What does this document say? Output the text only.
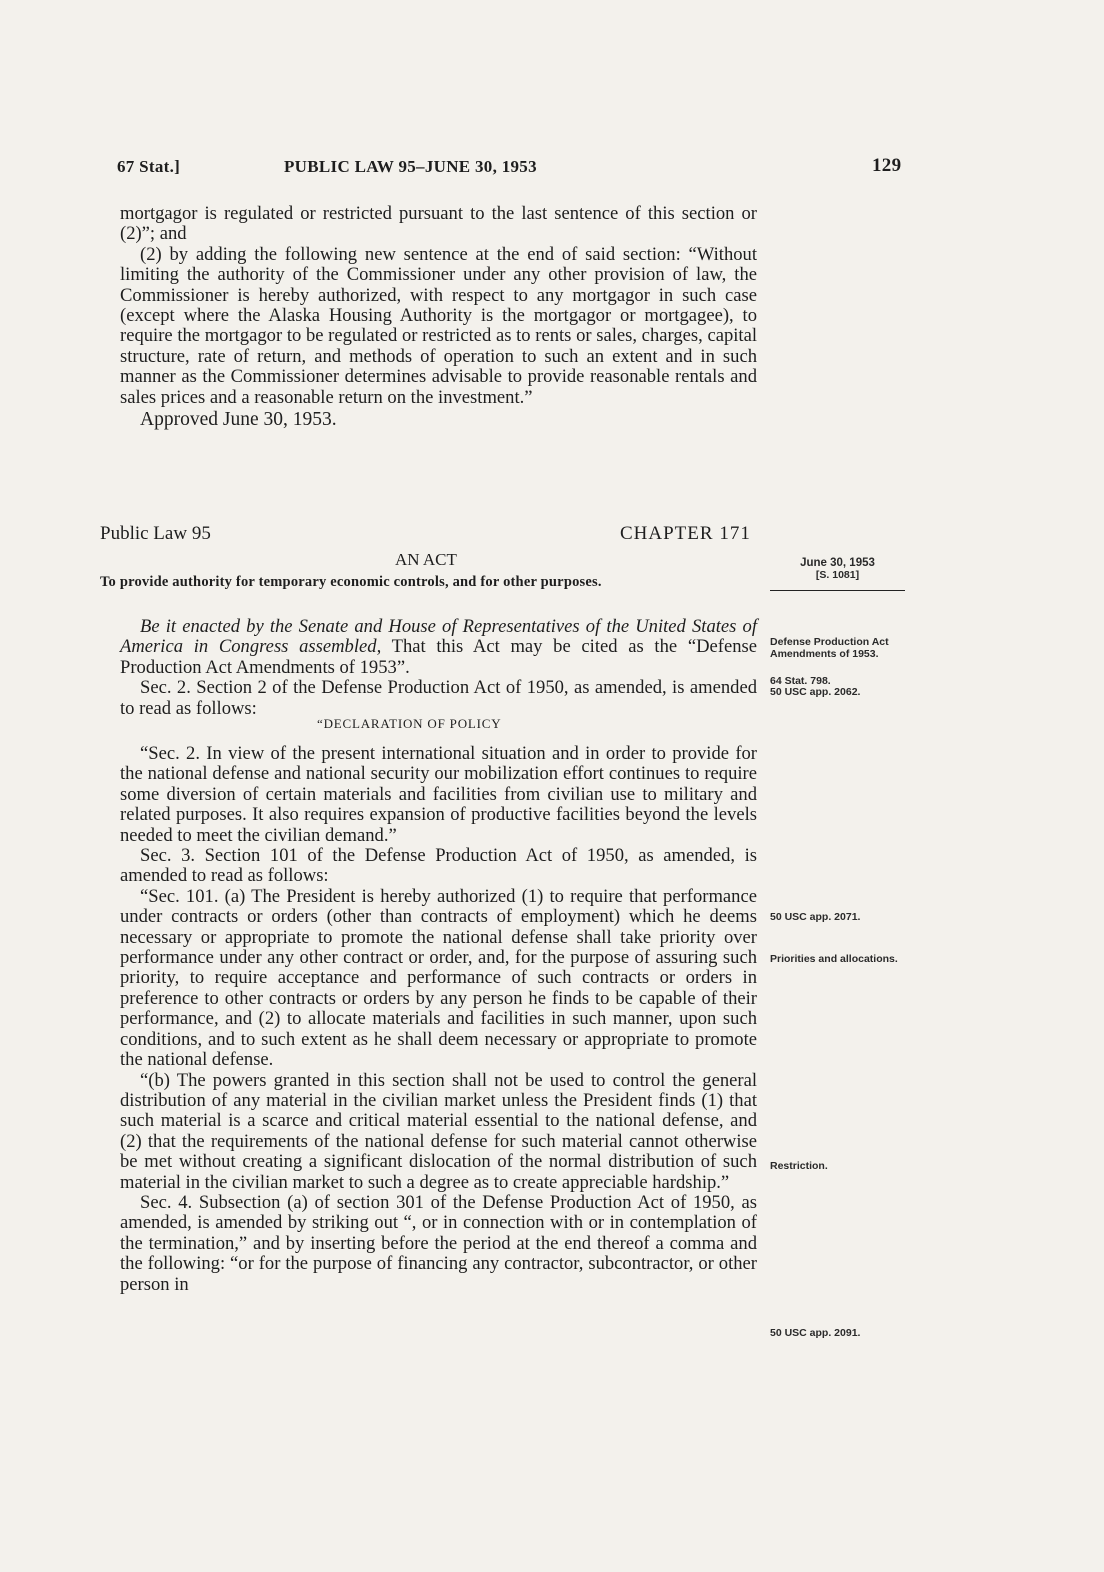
67 Stat.]	PUBLIC LAW 95–JUNE 30, 1953	129

mortgagor is regulated or restricted pursuant to the last sentence of this section or (2)”; and

(2) by adding the following new sentence at the end of said section: “Without limiting the authority of the Commissioner under any other provision of law, the Commissioner is hereby authorized, with respect to any mortgagor in such case (except where the Alaska Housing Authority is the mortgagor or mortgagee), to require the mortgagor to be regulated or restricted as to rents or sales, charges, capital structure, rate of return, and methods of operation to such an extent and in such manner as the Commissioner determines advisable to provide reasonable rentals and sales prices and a reasonable return on the investment.”

Approved June 30, 1953.

Public Law 95	CHAPTER 171
AN ACT
To provide authority for temporary economic controls, and for other purposes.

Be it enacted by the Senate and House of Representatives of the United States of America in Congress assembled, That this Act may be cited as the “Defense Production Act Amendments of 1953”.

Sec. 2. Section 2 of the Defense Production Act of 1950, as amended, is amended to read as follows:

“DECLARATION OF POLICY

“Sec. 2. In view of the present international situation and in order to provide for the national defense and national security our mobilization effort continues to require some diversion of certain materials and facilities from civilian use to military and related purposes. It also requires expansion of productive facilities beyond the levels needed to meet the civilian demand.”

Sec. 3. Section 101 of the Defense Production Act of 1950, as amended, is amended to read as follows:

“Sec. 101. (a) The President is hereby authorized (1) to require that performance under contracts or orders (other than contracts of employment) which he deems necessary or appropriate to promote the national defense shall take priority over performance under any other contract or order, and, for the purpose of assuring such priority, to require acceptance and performance of such contracts or orders in preference to other contracts or orders by any person he finds to be capable of their performance, and (2) to allocate materials and facilities in such manner, upon such conditions, and to such extent as he shall deem necessary or appropriate to promote the national defense.

“(b) The powers granted in this section shall not be used to control the general distribution of any material in the civilian market unless the President finds (1) that such material is a scarce and critical material essential to the national defense, and (2) that the requirements of the national defense for such material cannot otherwise be met without creating a significant dislocation of the normal distribution of such material in the civilian market to such a degree as to create appreciable hardship.”

Sec. 4. Subsection (a) of section 301 of the Defense Production Act of 1950, as amended, is amended by striking out “, or in connection with or in contemplation of the termination,” and by inserting before the period at the end thereof a comma and the following: “or for the purpose of financing any contractor, subcontractor, or other person in

June 30, 1953
[S. 1081]
Defense Production Act Amendments of 1953.
64 Stat. 798.
50 USC app. 2062.
50 USC app. 2071.
Priorities and allocations.
Restriction.
50 USC app. 2091.
